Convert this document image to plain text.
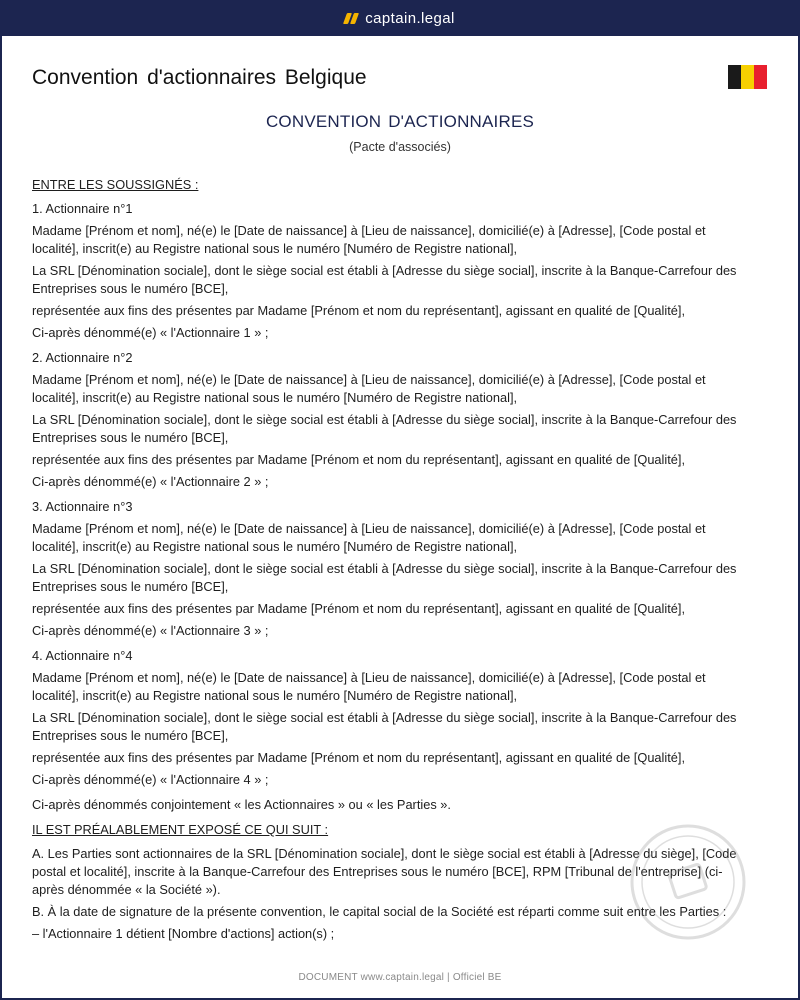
captain.legal
Convention d'actionnaires Belgique
CONVENTION D'ACTIONNAIRES
(Pacte d'associés)

ENTRE LES SOUSSIGNÉS :

1. Actionnaire n°1

Madame [Prénom et nom], né(e) le [Date de naissance] à [Lieu de naissance], domicilié(e) à [Adresse], [Code postal et localité], inscrit(e) au Registre national sous le numéro [Numéro de Registre national],

La SRL [Dénomination sociale], dont le siège social est établi à [Adresse du siège social], inscrite à la Banque-Carrefour des Entreprises sous le numéro [BCE],

représentée aux fins des présentes par Madame [Prénom et nom du représentant], agissant en qualité de [Qualité],

Ci-après dénommé(e) « l'Actionnaire 1 » ;

2. Actionnaire n°2

Madame [Prénom et nom], né(e) le [Date de naissance] à [Lieu de naissance], domicilié(e) à [Adresse], [Code postal et localité], inscrit(e) au Registre national sous le numéro [Numéro de Registre national],

La SRL [Dénomination sociale], dont le siège social est établi à [Adresse du siège social], inscrite à la Banque-Carrefour des Entreprises sous le numéro [BCE],

représentée aux fins des présentes par Madame [Prénom et nom du représentant], agissant en qualité de [Qualité],

Ci-après dénommé(e) « l'Actionnaire 2 » ;

3. Actionnaire n°3

Madame [Prénom et nom], né(e) le [Date de naissance] à [Lieu de naissance], domicilié(e) à [Adresse], [Code postal et localité], inscrit(e) au Registre national sous le numéro [Numéro de Registre national],

La SRL [Dénomination sociale], dont le siège social est établi à [Adresse du siège social], inscrite à la Banque-Carrefour des Entreprises sous le numéro [BCE],

représentée aux fins des présentes par Madame [Prénom et nom du représentant], agissant en qualité de [Qualité],

Ci-après dénommé(e) « l'Actionnaire 3 » ;

4. Actionnaire n°4

Madame [Prénom et nom], né(e) le [Date de naissance] à [Lieu de naissance], domicilié(e) à [Adresse], [Code postal et localité], inscrit(e) au Registre national sous le numéro [Numéro de Registre national],

La SRL [Dénomination sociale], dont le siège social est établi à [Adresse du siège social], inscrite à la Banque-Carrefour des Entreprises sous le numéro [BCE],

représentée aux fins des présentes par Madame [Prénom et nom du représentant], agissant en qualité de [Qualité],

Ci-après dénommé(e) « l'Actionnaire 4 » ;

Ci-après dénommés conjointement « les Actionnaires » ou « les Parties ».

IL EST PRÉALABLEMENT EXPOSÉ CE QUI SUIT :

A. Les Parties sont actionnaires de la SRL [Dénomination sociale], dont le siège social est établi à [Adresse du siège], [Code postal et localité], inscrite à la Banque-Carrefour des Entreprises sous le numéro [BCE], RPM [Tribunal de l'entreprise] (ci-après dénommée « la Société »).

B. À la date de signature de la présente convention, le capital social de la Société est réparti comme suit entre les Parties :

– l'Actionnaire 1 détient [Nombre d'actions] action(s) ;

DOCUMENT www.captain.legal | Officiel BE
